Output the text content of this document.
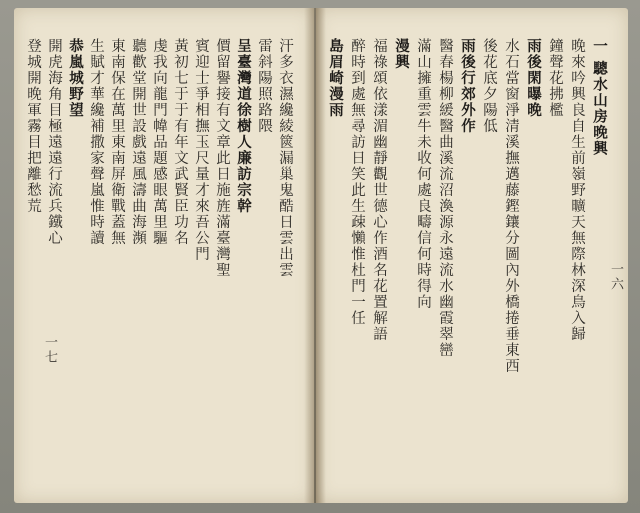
一 驄水山房晚興
晚來吟興良自生前嶺野曠天無際林深鳥入歸
鐘聲花拂檻
雨後閑曝晚
水石當窗淨清溪撫邁藤鏗鑲分圖內外橋捲垂東西
後花底夕陽低
雨後行郊外作
醫春楊柳緩醫曲溪流沼渙源永遠流水幽霞翠巒
滿山擁重雲牛未收何處良疇信何時得向
漫興
福祿頌依漾湄幽靜觀世德心作酒名花置解語
醉時到處無尋訪日笑此生疎懶惟杜門一任
島眉崎漫雨
一六
汗多衣濕纔綾篋漏巢鬼酷日雲出雲
雷斜陽照路隈
呈臺灣道徐樹人廉訪宗幹
價留譽接有文章此日施旌滿臺灣聖
賓迎士爭相撫玉尺量才來吾公門
黃初七于于有年文武賢臣功名
虔我向龍門幃品題感眼萬里驅
聽歡堂開世設戲遠風濤曲海瀕
東南保在萬里東南屏衛戰蓋無
生賦才華纔補撒家聲嵐惟時讀
恭嵐城野望
開虎海角目極遠遠行流兵鐵心
登城開晚軍霧目把離愁荒
一七
